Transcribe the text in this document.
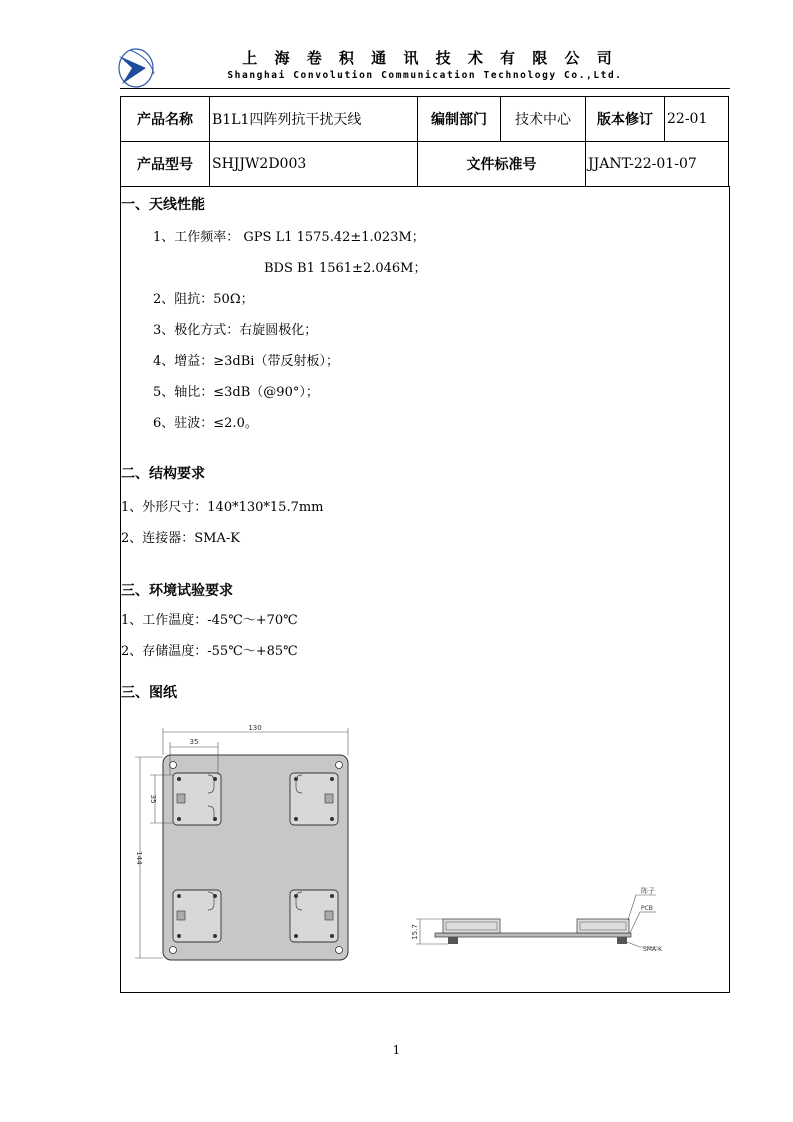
上 海 卷 积 通 讯 技 术 有 限 公 司
Shanghai Convolution Communication Technology Co.,Ltd.
产品名称	B1L1四阵列抗干扰天线	编制部门	技术中心	版本修订	22-01
产品型号	SHJJW2D003	文件标准号		JJANT-22-01-07	
一、天线性能
1、工作频率： GPS L1 1575.42±1.023M；
BDS B1 1561±2.046M；
2、阻抗：50Ω；
3、极化方式：右旋圆极化；
4、增益：≥3dBi（带反射板）；
5、轴比：≤3dB（@90°）；
6、驻波：≤2.0。
二、结构要求
1、外形尺寸：140*130*15.7mm
2、连接器：SMA-K
三、环境试验要求
1、工作温度：-45℃～+70℃
2、存储温度：-55℃～+85℃
三、图纸
130
35
35
144
15.7
阵子
PCB
SMA-K
1
